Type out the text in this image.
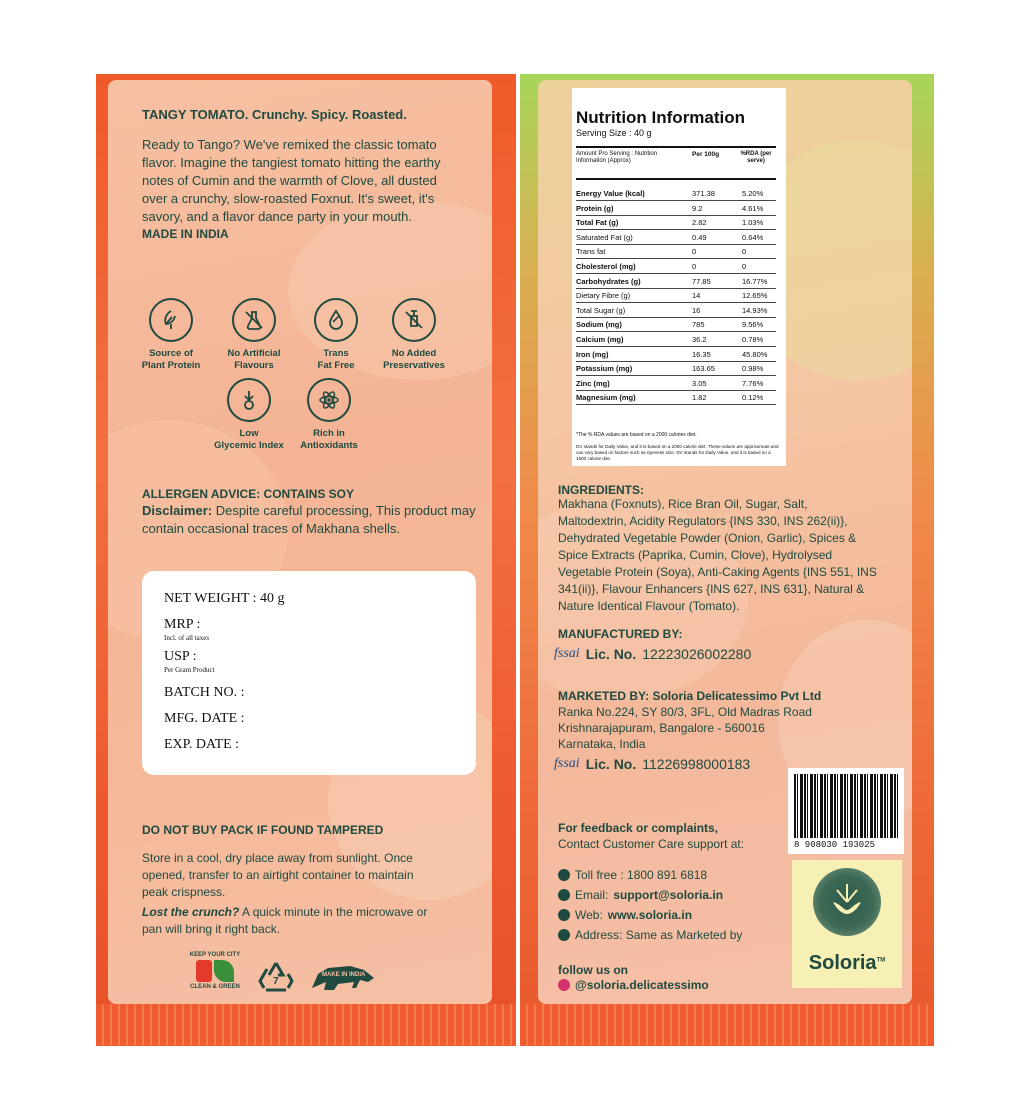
TANGY TOMATO. Crunchy. Spicy. Roasted.
Ready to Tango? We've remixed the classic tomato flavor. Imagine the tangiest tomato hitting the earthy notes of Cumin and the warmth of Clove, all dusted over a crunchy, slow-roasted Foxnut. It's sweet, it's savory, and a flavor dance party in your mouth.
MADE IN INDIA
Source of
Plant Protein
No Artificial
Flavours
Trans
Fat Free
No Added
Preservatives
Low
Glycemic Index
Rich in
Antioxidants
ALLERGEN ADVICE: CONTAINS SOY
Disclaimer: Despite careful processing, This product may contain occasional traces of Makhana shells.
DO NOT BUY PACK IF FOUND TAMPERED
Store in a cool, dry place away from sunlight. Once opened, transfer to an airtight container to maintain peak crispness.
Lost the crunch? A quick minute in the microwave or pan will bring it right back.
KEEP YOUR CITY
CLEAN & GREEN	7
MAKE IN INDIA
NET WEIGHT : 40 g
MRP :
Incl. of all taxes
USP :
Per Gram Product
BATCH NO. :
MFG. DATE :
EXP. DATE :
Nutrition Information
Serving Size : 40 g
Amount Pro Serving : Nutrition Information (Approx)
Per 100g	%RDA (per serve)
Energy Value (kcal)	371.38	5.20%
Protein (g)	9.2	4.61%
Total Fat (g)	2.82	1.03%
Saturated Fat (g)	0.49	0.64%
Trans fat	0	0
Cholesterol (mg)	0	0
Carbohydrates (g)	77.85	16.77%
Dietary Fibre (g)	14	12.65%
Total Sugar (g)	16	14.93%
Sodium (mg)	785	9.56%
Calcium (mg)	36.2	0.78%
Iron (mg)	16.35	45.80%
Potassium (mg)	163.65	0.98%
Zinc (mg)	3.05	7.76%
Magnesium (mg)	1.82	0.12%
*The % RDA values are based on a 2000 calories diet.
DV stands for Daily Value, and it is based on a 2000 calorie diet. These values are approximate and can vary based on factors such as ripeness size. DV stands for Daily Value, and it is based on a 1500 calorie diet.
INGREDIENTS:
Makhana (Foxnuts), Rice Bran Oil, Sugar, Salt, Maltodextrin, Acidity Regulators {INS 330, INS 262(ii)}, Dehydrated Vegetable Powder (Onion, Garlic), Spices & Spice Extracts (Paprika, Cumin, Clove), Hydrolysed Vegetable Protein (Soya), Anti-Caking Agents {INS 551, INS 341(ii)}, Flavour Enhancers {INS 627, INS 631}, Natural & Nature Identical Flavour (Tomato).
MANUFACTURED BY:
fssai Lic. No. 12223026002280
MARKETED BY: Soloria Delicatessimo Pvt Ltd
Ranka No.224, SY 80/3, 3FL, Old Madras Road
Krishnarajapuram, Bangalore - 560016
Karnataka, India
fssai Lic. No. 11226998000183
For feedback or complaints,
Contact Customer Care support at:
Toll free : 1800 891 6818
Email: support@soloria.in
Web: www.soloria.in
Address: Same as Marketed by
follow us on
@soloria.delicatessimo
8 908030 193025
Soloria™
